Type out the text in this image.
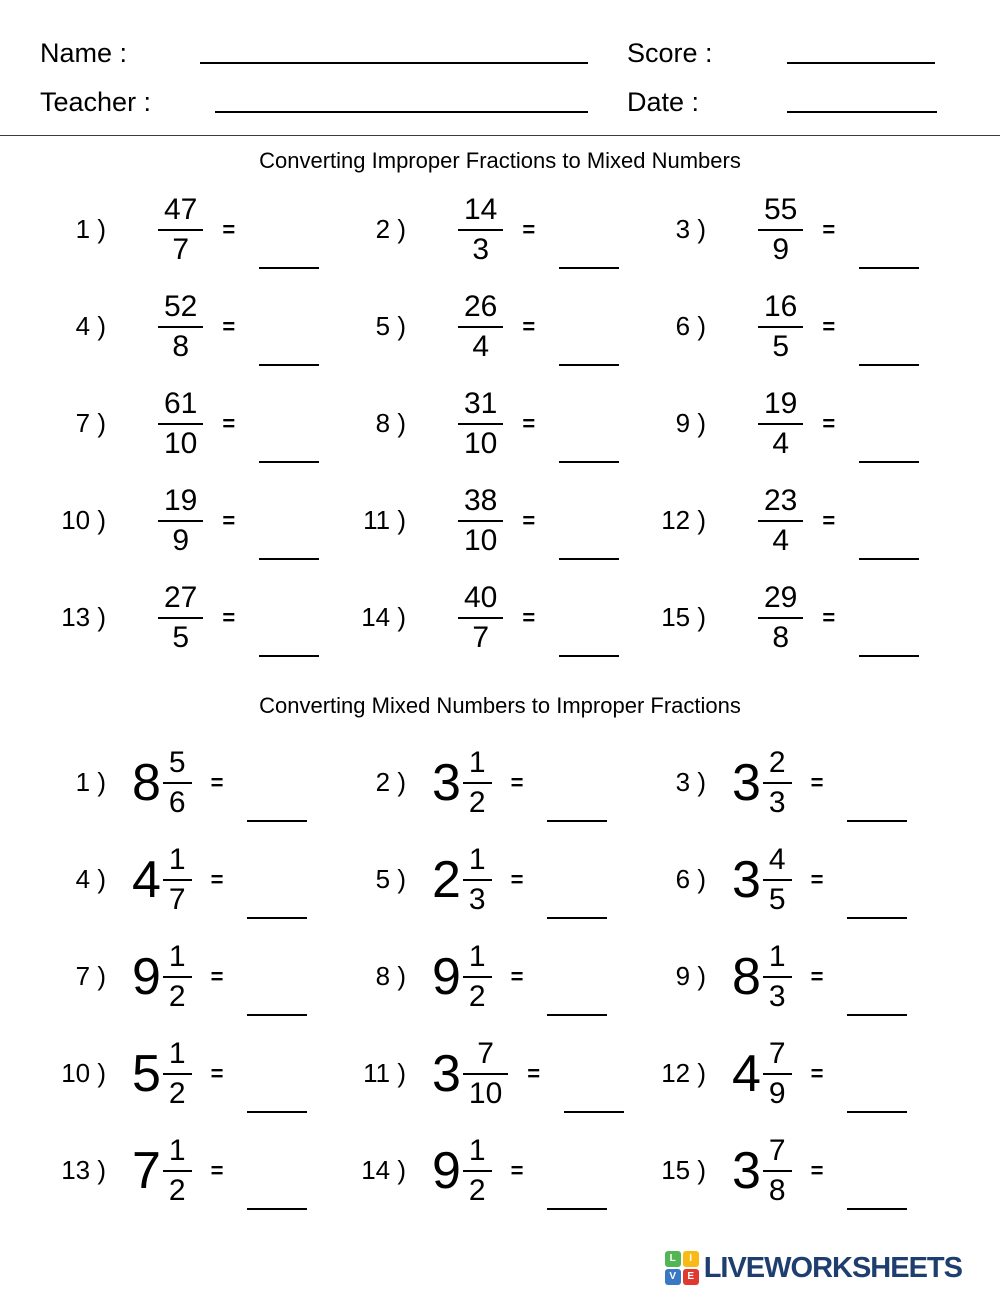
Name :	Score :
Teacher :	Date :
Converting Improper Fractions to Mixed Numbers
1 ) $\frac{47}{7}$ =	2 ) $\frac{14}{3}$ =	3 ) $\frac{55}{9}$ =
4 ) $\frac{52}{8}$ =	5 ) $\frac{26}{4}$ =	6 ) $\frac{16}{5}$ =
7 ) $\frac{61}{10}$ =	8 ) $\frac{31}{10}$ =	9 ) $\frac{19}{4}$ =
10 ) $\frac{19}{9}$ =	11 ) $\frac{38}{10}$ =	12 ) $\frac{23}{4}$ =
13 ) $\frac{27}{5}$ =	14 ) $\frac{40}{7}$ =	15 ) $\frac{29}{8}$ =
Converting Mixed Numbers to Improper Fractions
1 ) $8 \frac{5}{6}$ =	2 ) $3 \frac{1}{2}$ =	3 ) $3 \frac{2}{3}$ =
4 ) $4 \frac{1}{7}$ =	5 ) $2 \frac{1}{3}$ =	6 ) $3 \frac{4}{5}$ =
7 ) $9 \frac{1}{2}$ =	8 ) $9 \frac{1}{2}$ =	9 ) $8 \frac{1}{3}$ =
10 ) $5 \frac{1}{2}$ =	11 ) $3 \frac{7}{10}$ =	12 ) $4 \frac{7}{9}$ =
13 ) $7 \frac{1}{2}$ =	14 ) $9 \frac{1}{2}$ =	15 ) $3 \frac{7}{8}$ =
L	I
V	E LIVEWORKSHEETS
